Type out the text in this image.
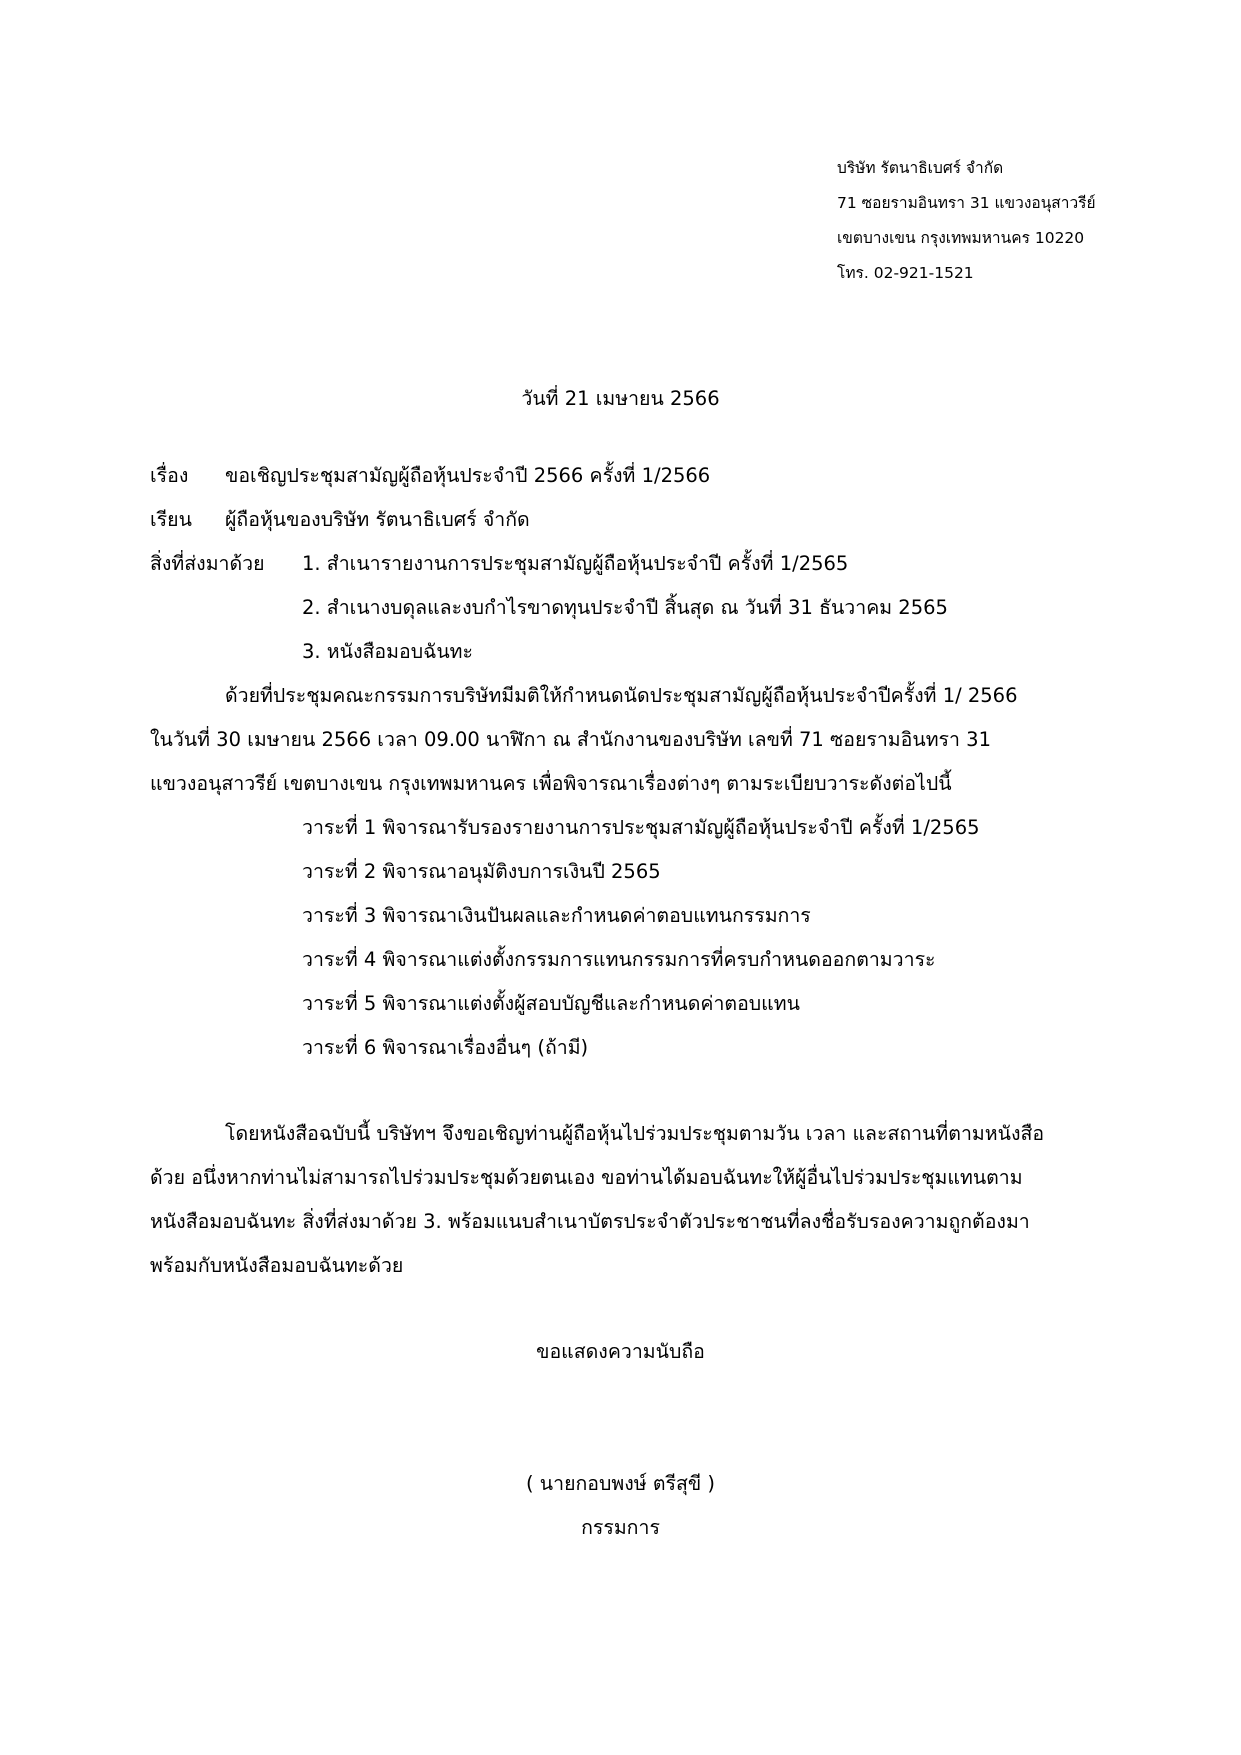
บริษัท รัตนาธิเบศร์ จำกัด
71 ซอยรามอินทรา 31 แขวงอนุสาวรีย์
เขตบางเขน กรุงเทพมหานคร 10220
โทร. 02-921-1521
วันที่ 21 เมษายน 2566
เรื่อง ขอเชิญประชุมสามัญผู้ถือหุ้นประจำปี 2566 ครั้งที่ 1/2566
เรียน ผู้ถือหุ้นของบริษัท รัตนาธิเบศร์ จำกัด
สิ่งที่ส่งมาด้วย 1. สำเนารายงานการประชุมสามัญผู้ถือหุ้นประจำปี ครั้งที่ 1/2565
2. สำเนางบดุลและงบกำไรขาดทุนประจำปี สิ้นสุด ณ วันที่ 31 ธันวาคม 2565
3. หนังสือมอบฉันทะ
ด้วยที่ประชุมคณะกรรมการบริษัทมีมติให้กำหนดนัดประชุมสามัญผู้ถือหุ้นประจำปีครั้งที่ 1/ 2566
ในวันที่ 30 เมษายน 2566 เวลา 09.00 นาฬิกา ณ สำนักงานของบริษัท เลขที่ 71 ซอยรามอินทรา 31
แขวงอนุสาวรีย์ เขตบางเขน กรุงเทพมหานคร เพื่อพิจารณาเรื่องต่างๆ ตามระเบียบวาระดังต่อไปนี้
วาระที่ 1 พิจารณารับรองรายงานการประชุมสามัญผู้ถือหุ้นประจำปี ครั้งที่ 1/2565
วาระที่ 2 พิจารณาอนุมัติงบการเงินปี 2565
วาระที่ 3 พิจารณาเงินปันผลและกำหนดค่าตอบแทนกรรมการ
วาระที่ 4 พิจารณาแต่งตั้งกรรมการแทนกรรมการที่ครบกำหนดออกตามวาระ
วาระที่ 5 พิจารณาแต่งตั้งผู้สอบบัญชีและกำหนดค่าตอบแทน
วาระที่ 6 พิจารณาเรื่องอื่นๆ (ถ้ามี)
โดยหนังสือฉบับนี้ บริษัทฯ จึงขอเชิญท่านผู้ถือหุ้นไปร่วมประชุมตามวัน เวลา และสถานที่ตามหนังสือ
ด้วย อนึ่งหากท่านไม่สามารถไปร่วมประชุมด้วยตนเอง ขอท่านได้มอบฉันทะให้ผู้อื่นไปร่วมประชุมแทนตาม
หนังสือมอบฉันทะ สิ่งที่ส่งมาด้วย 3. พร้อมแนบสำเนาบัตรประจำตัวประชาชนที่ลงชื่อรับรองความถูกต้องมา
พร้อมกับหนังสือมอบฉันทะด้วย
ขอแสดงความนับถือ
( นายกอบพงษ์ ตรีสุขี )
กรรมการ
